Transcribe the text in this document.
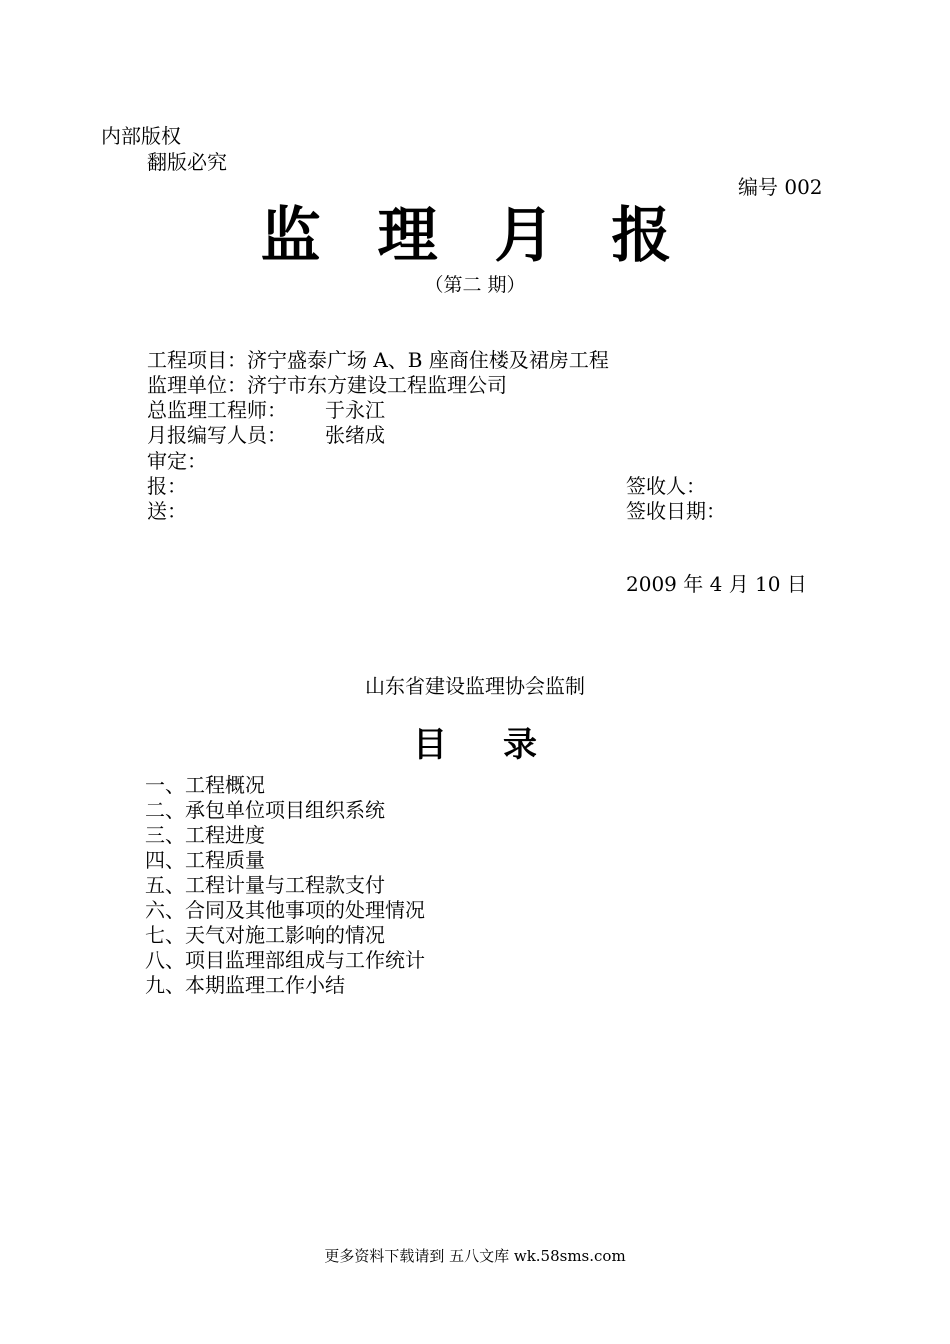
内部版权
翻版必究
编号 002
监 理 月 报
（第二 期）
工程项目：济宁盛泰广场 A、B 座商住楼及裙房工程
监理单位：济宁市东方建设工程监理公司
总监理工程师： 于永江
月报编写人员： 张绪成
审定：
报：
送：
签收人：
签收日期：
2009 年 4 月 10 日
山东省建设监理协会监制
目 录
一、工程概况
二、承包单位项目组织系统
三、工程进度
四、工程质量
五、工程计量与工程款支付
六、合同及其他事项的处理情况
七、天气对施工影响的情况
八、项目监理部组成与工作统计
九、本期监理工作小结
更多资料下载请到 五八文库 wk.58sms.com
